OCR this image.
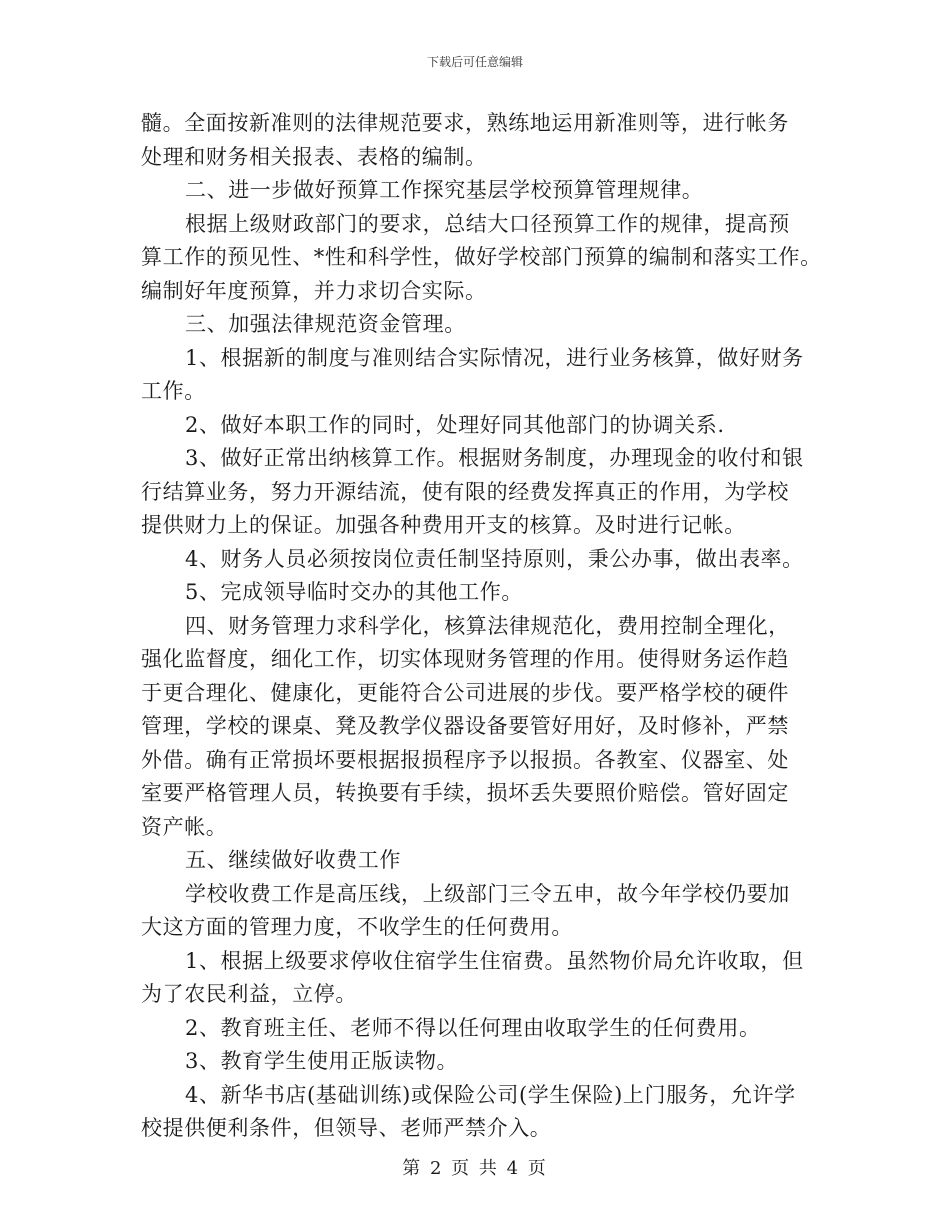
下载后可任意编辑
髓。全面按新准则的法律规范要求，熟练地运用新准则等，进行帐务
处理和财务相关报表、表格的编制。
二、进一步做好预算工作探究基层学校预算管理规律。
根据上级财政部门的要求，总结大口径预算工作的规律，提高预
算工作的预见性、*性和科学性，做好学校部门预算的编制和落实工作。
编制好年度预算，并力求切合实际。
三、加强法律规范资金管理。
1、根据新的制度与准则结合实际情况，进行业务核算，做好财务
工作。
2、做好本职工作的同时，处理好同其他部门的协调关系.
3、做好正常出纳核算工作。根据财务制度，办理现金的收付和银
行结算业务，努力开源结流，使有限的经费发挥真正的作用，为学校
提供财力上的保证。加强各种费用开支的核算。及时进行记帐。
4、财务人员必须按岗位责任制坚持原则，秉公办事，做出表率。
5、完成领导临时交办的其他工作。
四、财务管理力求科学化，核算法律规范化，费用控制全理化，
强化监督度，细化工作，切实体现财务管理的作用。使得财务运作趋
于更合理化、健康化，更能符合公司进展的步伐。要严格学校的硬件
管理，学校的课桌、凳及教学仪器设备要管好用好，及时修补，严禁
外借。确有正常损坏要根据报损程序予以报损。各教室、仪器室、处
室要严格管理人员，转换要有手续，损坏丢失要照价赔偿。管好固定
资产帐。
五、继续做好收费工作
学校收费工作是高压线，上级部门三令五申，故今年学校仍要加
大这方面的管理力度，不收学生的任何费用。
1、根据上级要求停收住宿学生住宿费。虽然物价局允许收取，但
为了农民利益，立停。
2、教育班主任、老师不得以任何理由收取学生的任何费用。
3、教育学生使用正版读物。
4、新华书店(基础训练)或保险公司(学生保险)上门服务，允许学
校提供便利条件，但领导、老师严禁介入。
第 2 页 共 4 页
